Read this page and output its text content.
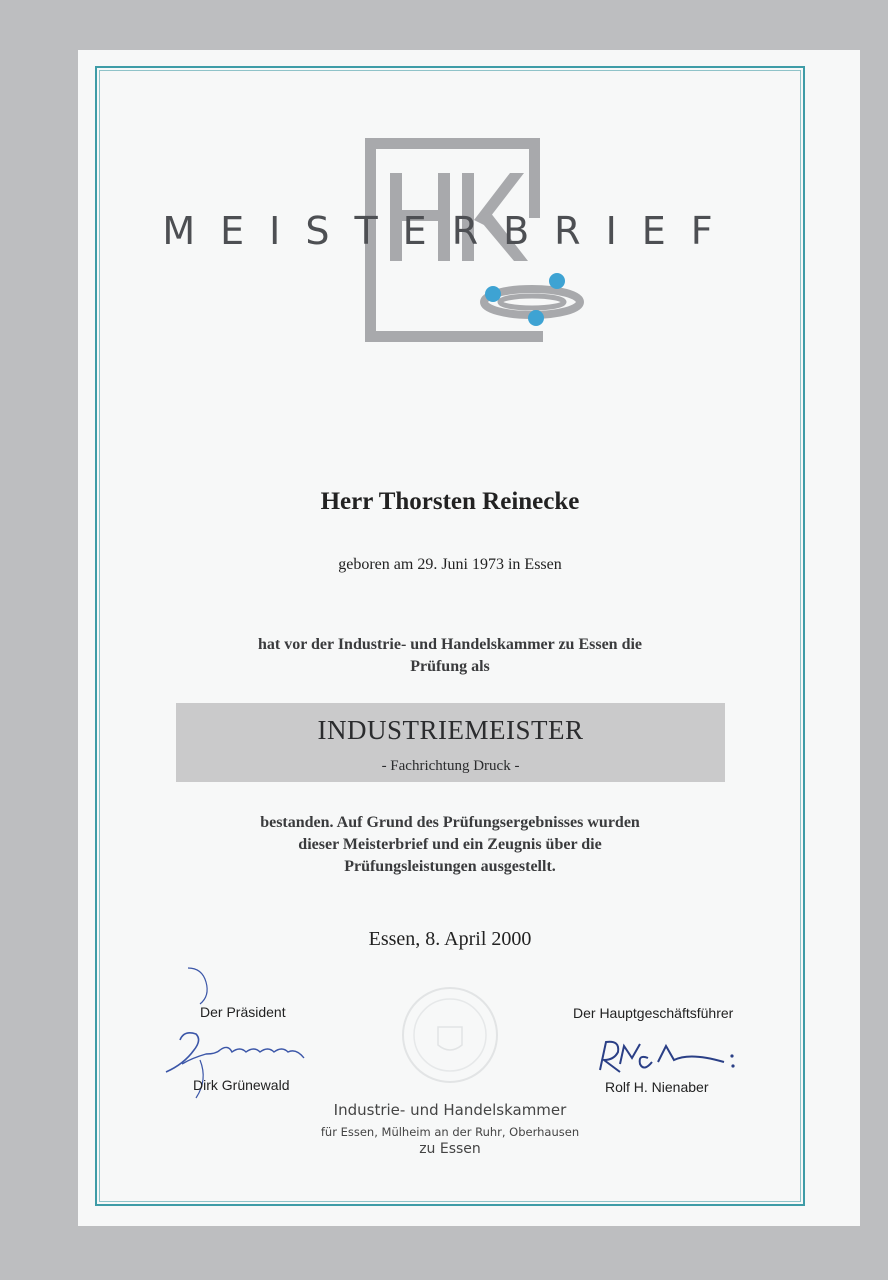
MEISTERBRIEF
Herr Thorsten Reinecke
geboren am 29. Juni 1973 in Essen
hat vor der Industrie- und Handelskammer zu Essen die
Prüfung als
INDUSTRIEMEISTER
- Fachrichtung Druck -
bestanden. Auf Grund des Prüfungsergebnisses wurden
dieser Meisterbrief und ein Zeugnis über die
Prüfungsleistungen ausgestellt.
Essen, 8. April 2000
Der Präsident	Der Hauptgeschäftsführer
Dirk Grünewald	Rolf H. Nienaber
Industrie- und Handelskammer
für Essen, Mülheim an der Ruhr, Oberhausen
zu Essen
